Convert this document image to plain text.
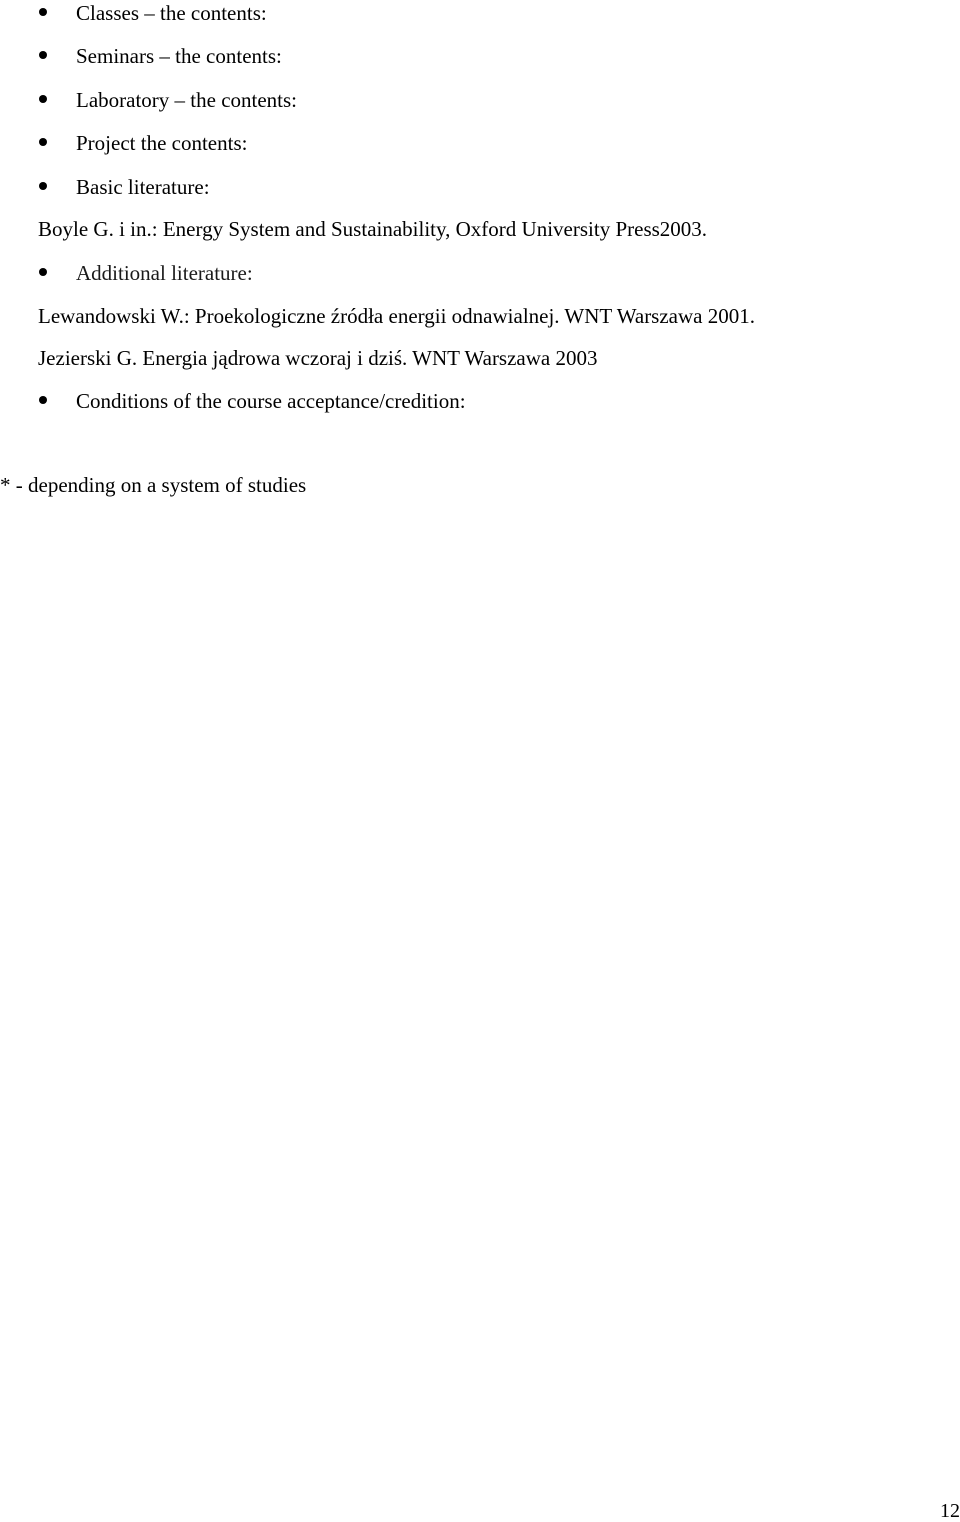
Classes – the contents:
Seminars – the contents:
Laboratory – the contents:
Project the contents:
Basic literature:

Boyle G. i in.: Energy System and Sustainability, Oxford University Press2003.

Additional literature:

Lewandowski W.: Proekologiczne źródła energii odnawialnej. WNT Warszawa 2001.

Jezierski G. Energia jądrowa wczoraj i dziś. WNT Warszawa 2003

Conditions of the course acceptance/credition:

* - depending on a system of studies

12
